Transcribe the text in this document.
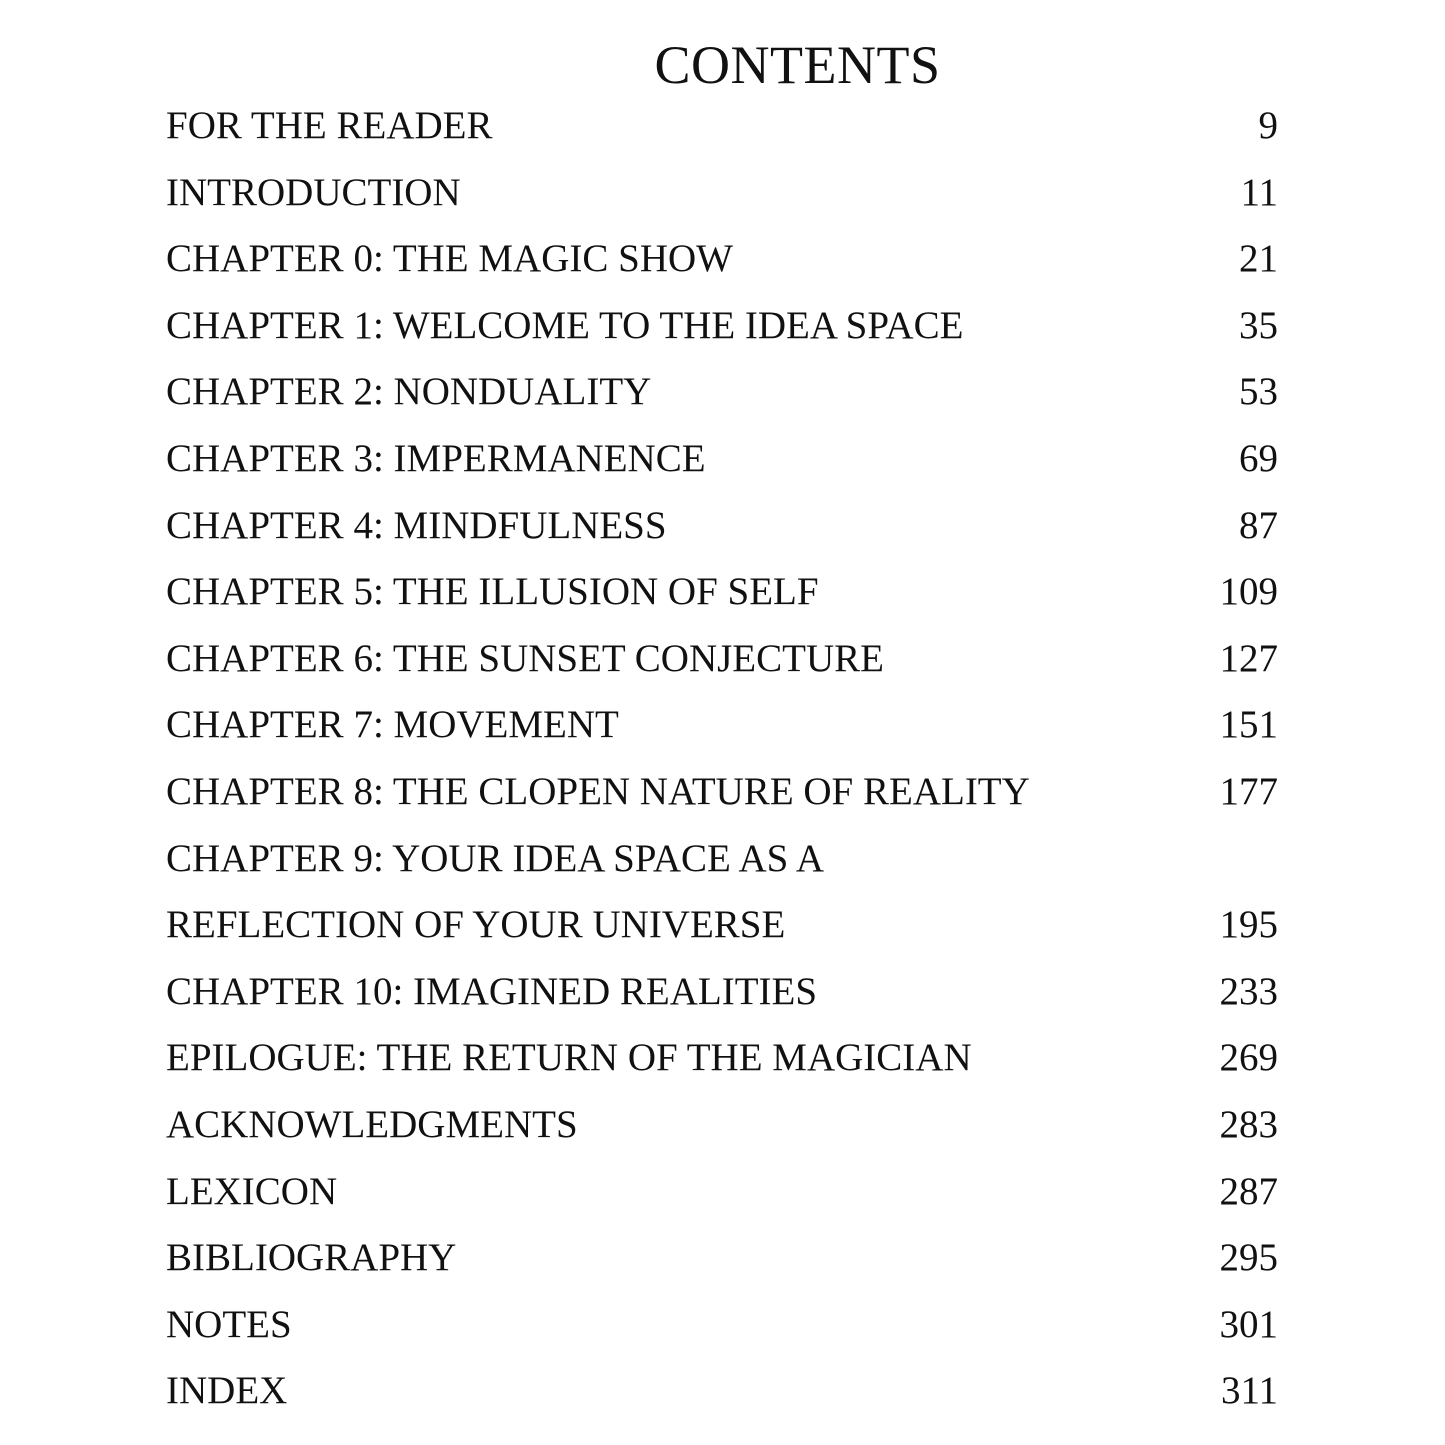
CONTENTS
FOR THE READER	9
INTRODUCTION	11
CHAPTER 0: THE MAGIC SHOW	21
CHAPTER 1: WELCOME TO THE IDEA SPACE	35
CHAPTER 2: NONDUALITY	53
CHAPTER 3: IMPERMANENCE	69
CHAPTER 4: MINDFULNESS	87
CHAPTER 5: THE ILLUSION OF SELF	109
CHAPTER 6: THE SUNSET CONJECTURE	127
CHAPTER 7: MOVEMENT	151
CHAPTER 8: THE CLOPEN NATURE OF REALITY	177
CHAPTER 9: YOUR IDEA SPACE AS A
REFLECTION OF YOUR UNIVERSE	195
CHAPTER 10: IMAGINED REALITIES	233
EPILOGUE: THE RETURN OF THE MAGICIAN	269
ACKNOWLEDGMENTS	283
LEXICON	287
BIBLIOGRAPHY	295
NOTES	301
INDEX	311
